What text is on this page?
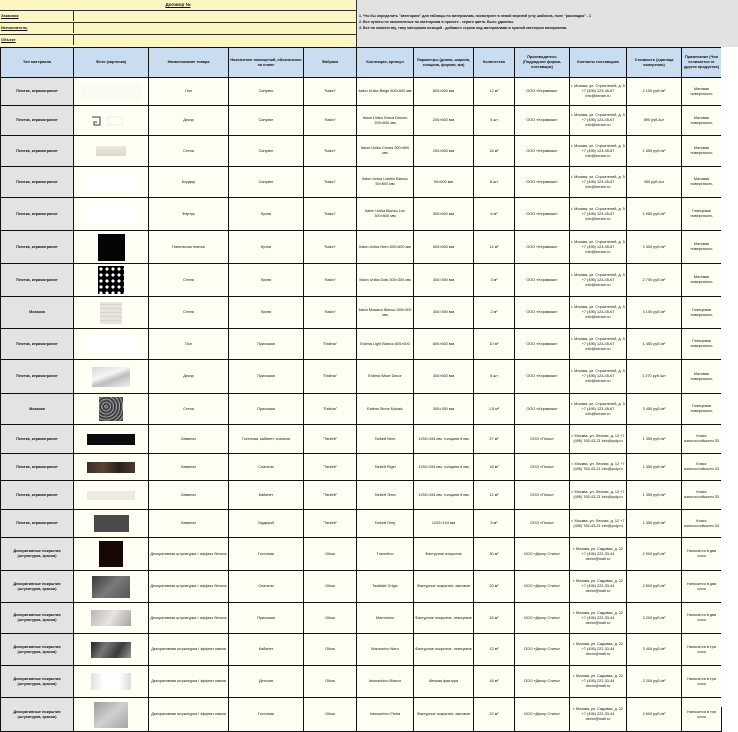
Договор №
Заказчик
Исполнитель
Объект
1. Что бы определить "категорию" для таблицы по материалам, посмотрите в левой верхней углу шаблона, поле "раскладка" - 1
2. Все пункты не заполненные по категориям в проекте - серого цвета. Быть удалены.
3. Все по количеству, типу материала позиций - добавьте строки под материалами в нужной категории материалов.
Тип материала	Фото (картинка)	Наименование товара	Назначение помещений, обозначение на плане	Фабрика	Коллекция, артикул	Параметры (длина, ширина, толщина, формат, мм)	Количество	Производитель (Подрядчик/ фирма-поставщик)	Контакты поставщика	Стоимость (единица измерения)	Примечание (Чем отличается от других продуктов)
Плитка, керамогранит		Пол	Санузел	"Italon"	Italon Unika Beige 600×600 мм	600×600 мм	12 м²	ООО «Керамика»	г. Москва, ул. Строителей, д. 5 +7 (495) 123-45-67 info@keram.ru	2 100 руб./м²	Матовая поверхность
Плитка, керамогранит		Декор	Санузел	"Italon"	Italon Unika Greca Decoro 200×600 мм	200×600 мм	4 шт	ООО «Керамика»	г. Москва, ул. Строителей, д. 5 +7 (495) 123-45-67 info@keram.ru	890 руб./шт	Матовая поверхность
Плитка, керамогранит		Стена	Санузел	"Italon"	Italon Unika Crema 200×600 мм	200×600 мм	18 м²	ООО «Керамика»	г. Москва, ул. Строителей, д. 5 +7 (495) 123-45-67 info@keram.ru	1 650 руб./м²	Матовая поверхность
Плитка, керамогранит		Бордюр	Санузел	"Italon"	Italon Unika Listello Bianco 50×600 мм	50×600 мм	8 шт	ООО «Керамика»	г. Москва, ул. Строителей, д. 5 +7 (495) 123-45-67 info@keram.ru	450 руб./шт	Матовая поверхность
Плитка, керамогранит		Фартук	Кухня	"Italon"	Italon Unika Bianco Lux 300×600 мм	300×600 мм	6 м²	ООО «Керамика»	г. Москва, ул. Строителей, д. 5 +7 (495) 123-45-67 info@keram.ru	1 980 руб./м²	Глянцевая поверхность
Плитка, керамогранит		Напольная плитка	Кухня	"Italon"	Italon Unika Nero 600×600 мм	600×600 мм	14 м²	ООО «Керамика»	г. Москва, ул. Строителей, д. 5 +7 (495) 123-45-67 info@keram.ru	2 400 руб./м²	Матовая поверхность
Плитка, керамогранит		Стена	Кухня	"Italon"	Italon Unika Dots 300×300 мм	300×300 мм	3 м²	ООО «Керамика»	г. Москва, ул. Строителей, д. 5 +7 (495) 123-45-67 info@keram.ru	2 700 руб./м²	Матовая поверхность
Мозаика		Стена	Кухня	"Italon"	Italon Mosaico Bianco 300×300 мм	300×300 мм	2 м²	ООО «Керамика»	г. Москва, ул. Строителей, д. 5 +7 (495) 123-45-67 info@keram.ru	3 100 руб./м²	Глянцевая поверхность
Плитка, керамогранит		Пол	Прихожая	"Estima"	Estima Light Bianco 600×600	600×600 мм	10 м²	ООО «Керамика»	г. Москва, ул. Строителей, д. 5 +7 (495) 123-45-67 info@keram.ru	1 450 руб./м²	Глянцевая поверхность
Плитка, керамогранит		Декор	Прихожая	"Estima"	Estima Wave Decor	300×600 мм	6 шт	ООО «Керамика»	г. Москва, ул. Строителей, д. 5 +7 (495) 123-45-67 info@keram.ru	1 270 руб./шт	Матовая поверхность
Мозаика		Стена	Прихожая	"Estima"	Estima Stone Mosaic	300×300 мм	1,5 м²	ООО «Керамика»	г. Москва, ул. Строителей, д. 5 +7 (495) 123-45-67 info@keram.ru	3 450 руб./м²	Глянцевая поверхность
Плитка, керамогранит		Ламинат	Гостиная, кабинет, спальня	"Tarkett"	Tarkett Nero	1292×194 мм, толщина 8 мм	27 м²	ООО «Полы»	г. Москва, ул. Лесная, д. 12 +7 (495) 765-43-21 info@poly.ru	1 350 руб./м²	Класс износостойкости 33
Плитка, керамогранит		Ламинат	Спальня	"Tarkett"	Tarkett Rigel	1292×194 мм, толщина 8 мм	16 м²	ООО «Полы»	г. Москва, ул. Лесная, д. 12 +7 (495) 765-43-21 info@poly.ru	1 350 руб./м²	Класс износостойкости 33
Плитка, керамогранит		Ламинат	Кабинет	"Tarkett"	Tarkett Terra	1292×194 мм, толщина 8 мм	12 м²	ООО «Полы»	г. Москва, ул. Лесная, д. 12 +7 (495) 765-43-21 info@poly.ru	1 350 руб./м²	Класс износостойкости 33
Плитка, керамогранит		Ламинат	Гардероб	"Tarkett"	Tarkett Grey	1292×194 мм	5 м²	ООО «Полы»	г. Москва, ул. Лесная, д. 12 +7 (495) 765-43-21 info@poly.ru	1 350 руб./м²	Класс износостойкости 33
Декоративные покрытия (штукатурка, краски)		Декоративная штукатурка / эффект бетона	Гостиная	Oikos	Travertino	Фактурное покрытие	30 м²	ООО «Декор Стиль»	г. Москва, ул. Садовая, д. 22 +7 (495) 222-33-44 decor@mail.ru	2 900 руб./м²	Наносится в два слоя
Декоративные покрытия (штукатурка, краски)		Декоративная штукатурка / эффект бетона	Спальня	Oikos	Tadelakt Grigio	Фактурное покрытие, матовое	20 м²	ООО «Декор Стиль»	г. Москва, ул. Садовая, д. 22 +7 (495) 222-33-44 decor@mail.ru	2 500 руб./м²	Наносится в два слоя
Декоративные покрытия (штукатурка, краски)		Декоративная штукатурка / эффект бетона	Прихожая	Oikos	Marmorino	Фактурное покрытие, глянцевое	15 м²	ООО «Декор Стиль»	г. Москва, ул. Садовая, д. 22 +7 (495) 222-33-44 decor@mail.ru	3 200 руб./м²	Наносится в два слоя
Декоративные покрытия (штукатурка, краски)		Декоративная штукатурка / эффект камня	Кабинет	Oikos	Marmorino Nero	Фактурное покрытие, глянцевое	12 м²	ООО «Декор Стиль»	г. Москва, ул. Садовая, д. 22 +7 (495) 222-33-44 decor@mail.ru	3 400 руб./м²	Наносится в три слоя
Декоративные покрытия (штукатурка, краски)		Декоративная штукатурка / эффект камня	Детская	Oikos	Intonachino Bianco	Мелкая фактура	18 м²	ООО «Декор Стиль»	г. Москва, ул. Садовая, д. 22 +7 (495) 222-33-44 decor@mail.ru	2 200 руб./м²	Наносится в три слоя
Декоративные покрытия (штукатурка, краски)		Декоративная штукатурка / эффект камня	Гостиная	Oikos	Intonachino Pietra	Фактурное покрытие, матовое	22 м²	ООО «Декор Стиль»	г. Москва, ул. Садовая, д. 22 +7 (495) 222-33-44 decor@mail.ru	2 600 руб./м²	Наносится в три слоя
